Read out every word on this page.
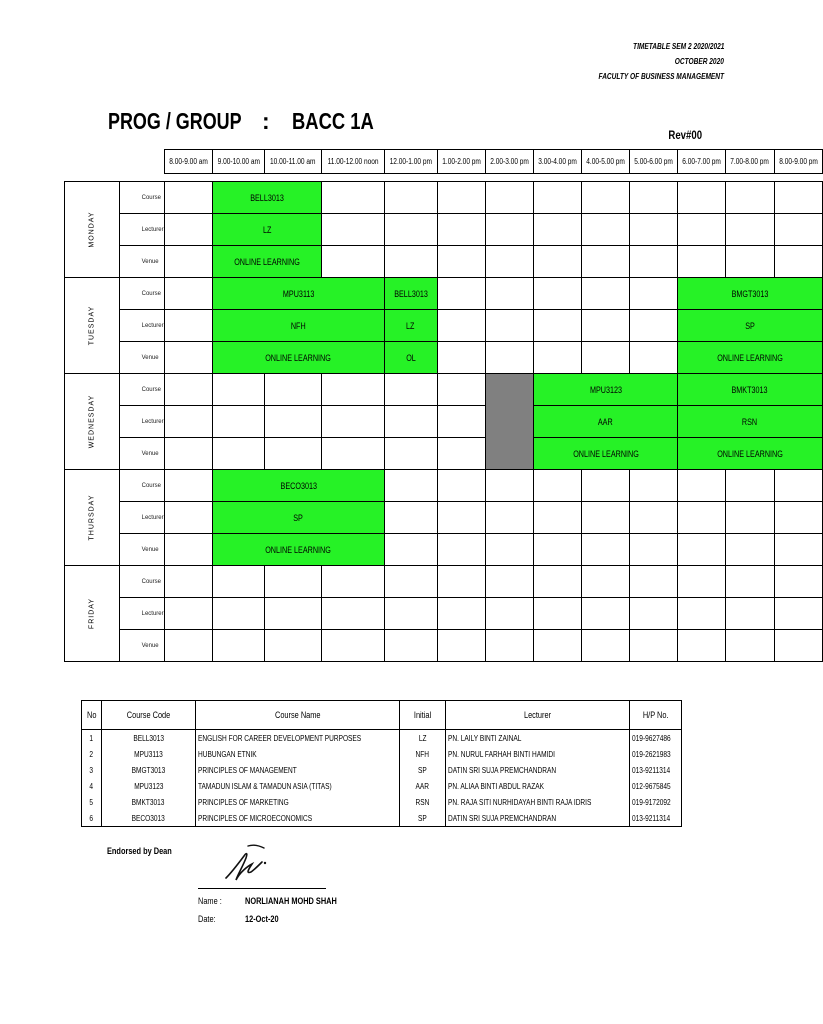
TIMETABLE SEM 2 2020/2021
OCTOBER 2020
FACULTY OF BUSINESS MANAGEMENT
PROG / GROUP : BACC 1A
Rev#00
		8.00-9.00 am	9.00-10.00 am	10.00-11.00 am	11.00-12.00 noon	12.00-1.00 pm	1.00-2.00 pm	2.00-3.00 pm	3.00-4.00 pm	4.00-5.00 pm	5.00-6.00 pm	6.00-7.00 pm	7.00-8.00 pm	8.00-9.00 pm

MONDAY	Course		BELL3013											
	Lecturer		LZ											
	Venue		ONLINE LEARNING											

TUESDAY	Course		MPU3113			BELL3013						BMGT3013		
	Lecturer		NFH			LZ						SP		
	Venue		ONLINE LEARNING			OL						ONLINE LEARNING		

WEDNESDAY	Course								MPU3123			BMKT3013		
	Lecturer								AAR			RSN		
	Venue								ONLINE LEARNING			ONLINE LEARNING		

THURSDAY	Course		BECO3013											
	Lecturer		SP											
	Venue		ONLINE LEARNING											

FRIDAY	Course													
	Lecturer													
	Venue													
No	Course Code	Course Name	Initial	Lecturer	H/P No.
1	BELL3013	ENGLISH FOR CAREER DEVELOPMENT PURPOSES	LZ	PN. LAILY BINTI ZAINAL	019-9627486
2	MPU3113	HUBUNGAN ETNIK	NFH	PN. NURUL FARHAH BINTI HAMIDI	019-2621983
3	BMGT3013	PRINCIPLES OF MANAGEMENT	SP	DATIN SRI SUJA PREMCHANDRAN	013-9211314
4	MPU3123	TAMADUN ISLAM & TAMADUN ASIA (TITAS)	AAR	PN. ALIAA BINTI ABDUL RAZAK	012-9675845
5	BMKT3013	PRINCIPLES OF MARKETING	RSN	PN. RAJA SITI NURHIDAYAH BINTI RAJA IDRIS	019-9172092
6	BECO3013	PRINCIPLES OF MICROECONOMICS	SP	DATIN SRI SUJA PREMCHANDRAN	013-9211314
Endorsed by Dean
Name :	NORLIANAH MOHD SHAH
Date:	12-Oct-20
